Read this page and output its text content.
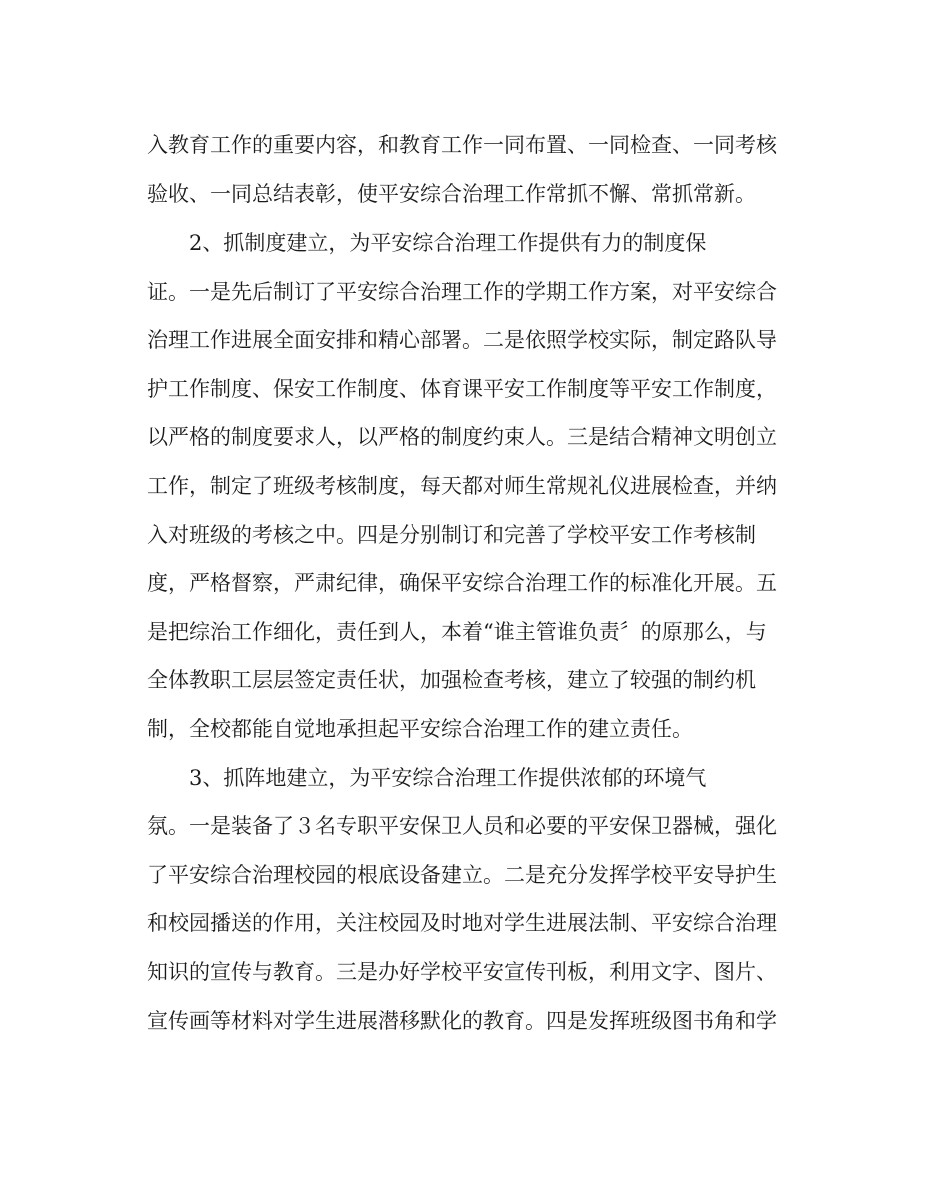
入教育工作的重要内容，和教育工作一同布置、一同检查、一同考核

验收、一同总结表彰，使平安综合治理工作常抓不懈、常抓常新。

　　2、抓制度建立，为平安综合治理工作提供有力的制度保

证。一是先后制订了平安综合治理工作的学期工作方案，对平安综合

治理工作进展全面安排和精心部署。二是依照学校实际，制定路队导

护工作制度、保安工作制度、体育课平安工作制度等平安工作制度，

以严格的制度要求人，以严格的制度约束人。三是结合精神文明创立

工作，制定了班级考核制度，每天都对师生常规礼仪进展检查，并纳

入对班级的考核之中。四是分别制订和完善了学校平安工作考核制

度，严格督察，严肃纪律，确保平安综合治理工作的标准化开展。五

是把综治工作细化，责任到人，本着“谁主管谁负责〞的原那么，与

全体教职工层层签定责任状，加强检查考核，建立了较强的制约机

制，全校都能自觉地承担起平安综合治理工作的建立责任。

　　3、抓阵地建立，为平安综合治理工作提供浓郁的环境气

氛。一是装备了３名专职平安保卫人员和必要的平安保卫器械，强化

了平安综合治理校园的根底设备建立。二是充分发挥学校平安导护生

和校园播送的作用，关注校园及时地对学生进展法制、平安综合治理

知识的宣传与教育。三是办好学校平安宣传刊板，利用文字、图片、

宣传画等材料对学生进展潜移默化的教育。四是发挥班级图书角和学
